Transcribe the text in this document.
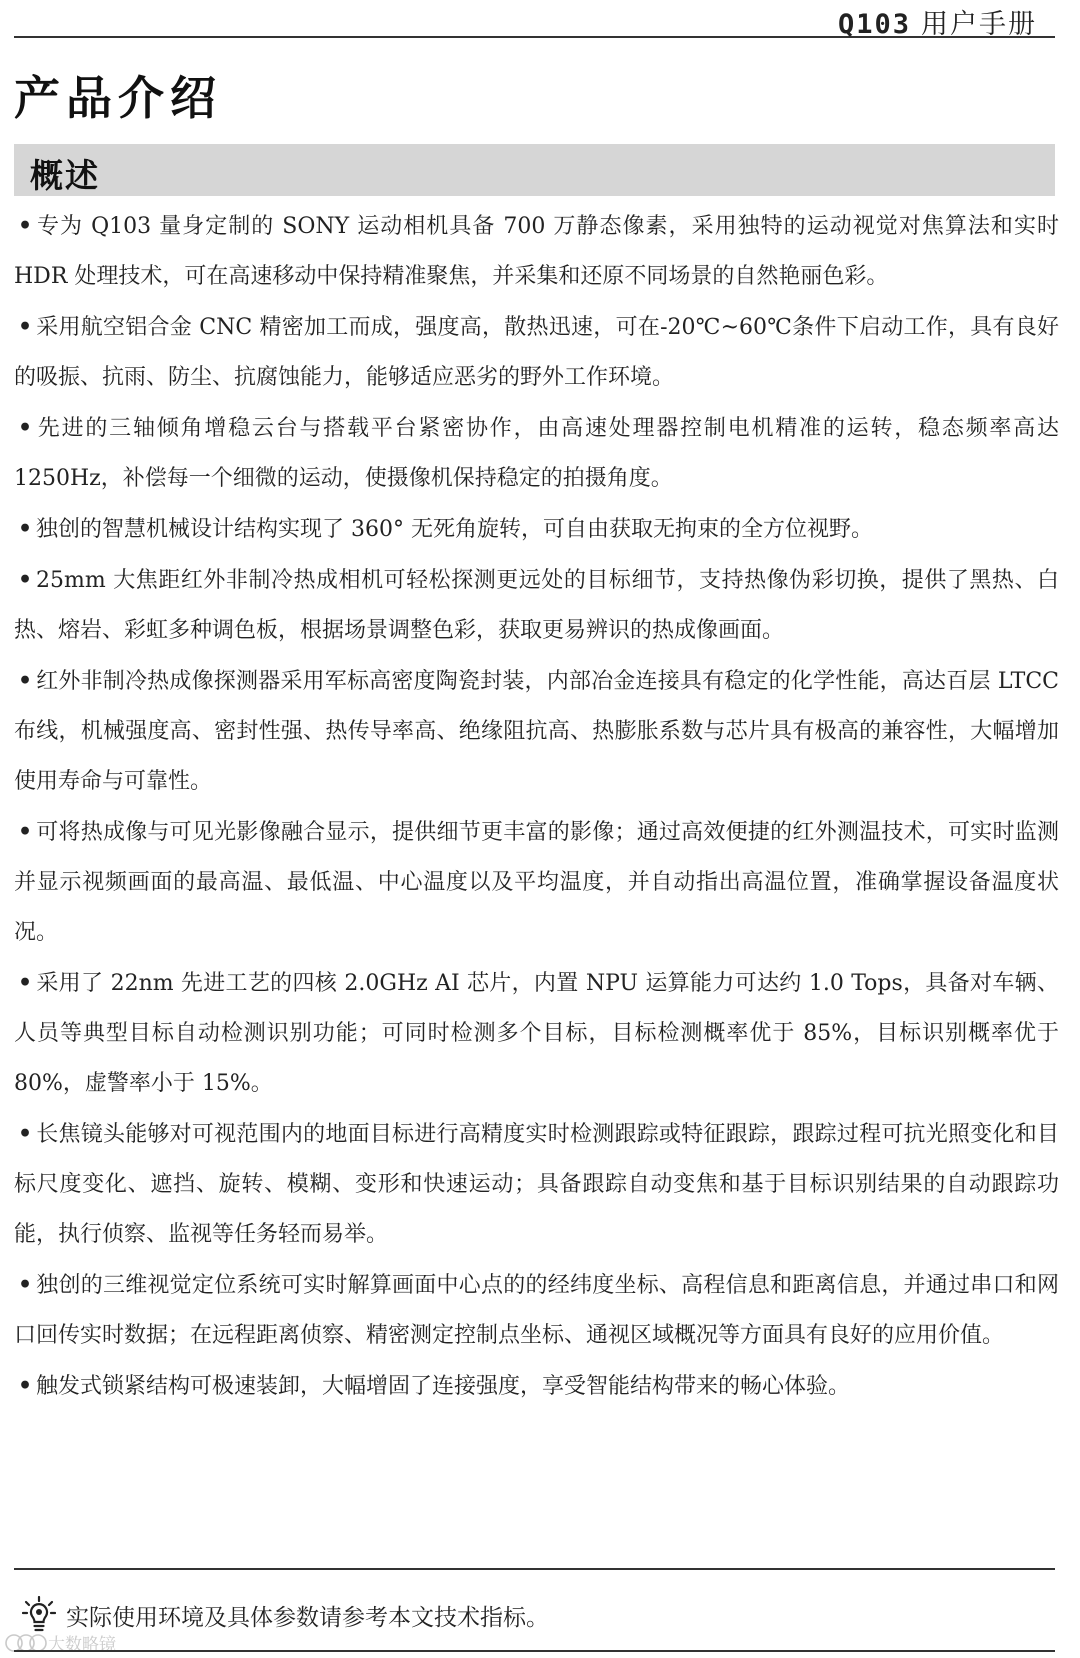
Q103 用户手册
产品介绍
概述

• 专为 Q103 量身定制的 SONY 运动相机具备 700 万静态像素，采用独特的运动视觉对焦算法和实时 HDR 处理技术，可在高速移动中保持精准聚焦，并采集和还原不同场景的自然艳丽色彩。

• 采用航空铝合金 CNC 精密加工而成，强度高，散热迅速，可在-20℃~60℃条件下启动工作，具有良好的吸振、抗雨、防尘、抗腐蚀能力，能够适应恶劣的野外工作环境。

• 先进的三轴倾角增稳云台与搭载平台紧密协作，由高速处理器控制电机精准的运转，稳态频率高达 1250Hz，补偿每一个细微的运动，使摄像机保持稳定的拍摄角度。

• 独创的智慧机械设计结构实现了 360° 无死角旋转，可自由获取无拘束的全方位视野。

• 25mm 大焦距红外非制冷热成相机可轻松探测更远处的目标细节，支持热像伪彩切换，提供了黑热、白热、熔岩、彩虹多种调色板，根据场景调整色彩，获取更易辨识的热成像画面。

• 红外非制冷热成像探测器采用军标高密度陶瓷封装，内部冶金连接具有稳定的化学性能，高达百层 LTCC 布线，机械强度高、密封性强、热传导率高、绝缘阻抗高、热膨胀系数与芯片具有极高的兼容性，大幅增加使用寿命与可靠性。

• 可将热成像与可见光影像融合显示，提供细节更丰富的影像；通过高效便捷的红外测温技术，可实时监测并显示视频画面的最高温、最低温、中心温度以及平均温度，并自动指出高温位置，准确掌握设备温度状况。

• 采用了 22nm 先进工艺的四核 2.0GHz AI 芯片，内置 NPU 运算能力可达约 1.0 Tops，具备对车辆、人员等典型目标自动检测识别功能；可同时检测多个目标，目标检测概率优于 85%，目标识别概率优于 80%，虚警率小于 15%。

• 长焦镜头能够对可视范围内的地面目标进行高精度实时检测跟踪或特征跟踪，跟踪过程可抗光照变化和目标尺度变化、遮挡、旋转、模糊、变形和快速运动；具备跟踪自动变焦和基于目标识别结果的自动跟踪功能，执行侦察、监视等任务轻而易举。

• 独创的三维视觉定位系统可实时解算画面中心点的的经纬度坐标、高程信息和距离信息，并通过串口和网口回传实时数据；在远程距离侦察、精密测定控制点坐标、通视区域概况等方面具有良好的应用价值。

• 触发式锁紧结构可极速装卸，大幅增固了连接强度，享受智能结构带来的畅心体验。

实际使用环境及具体参数请参考本文技术指标。
大数略镜
